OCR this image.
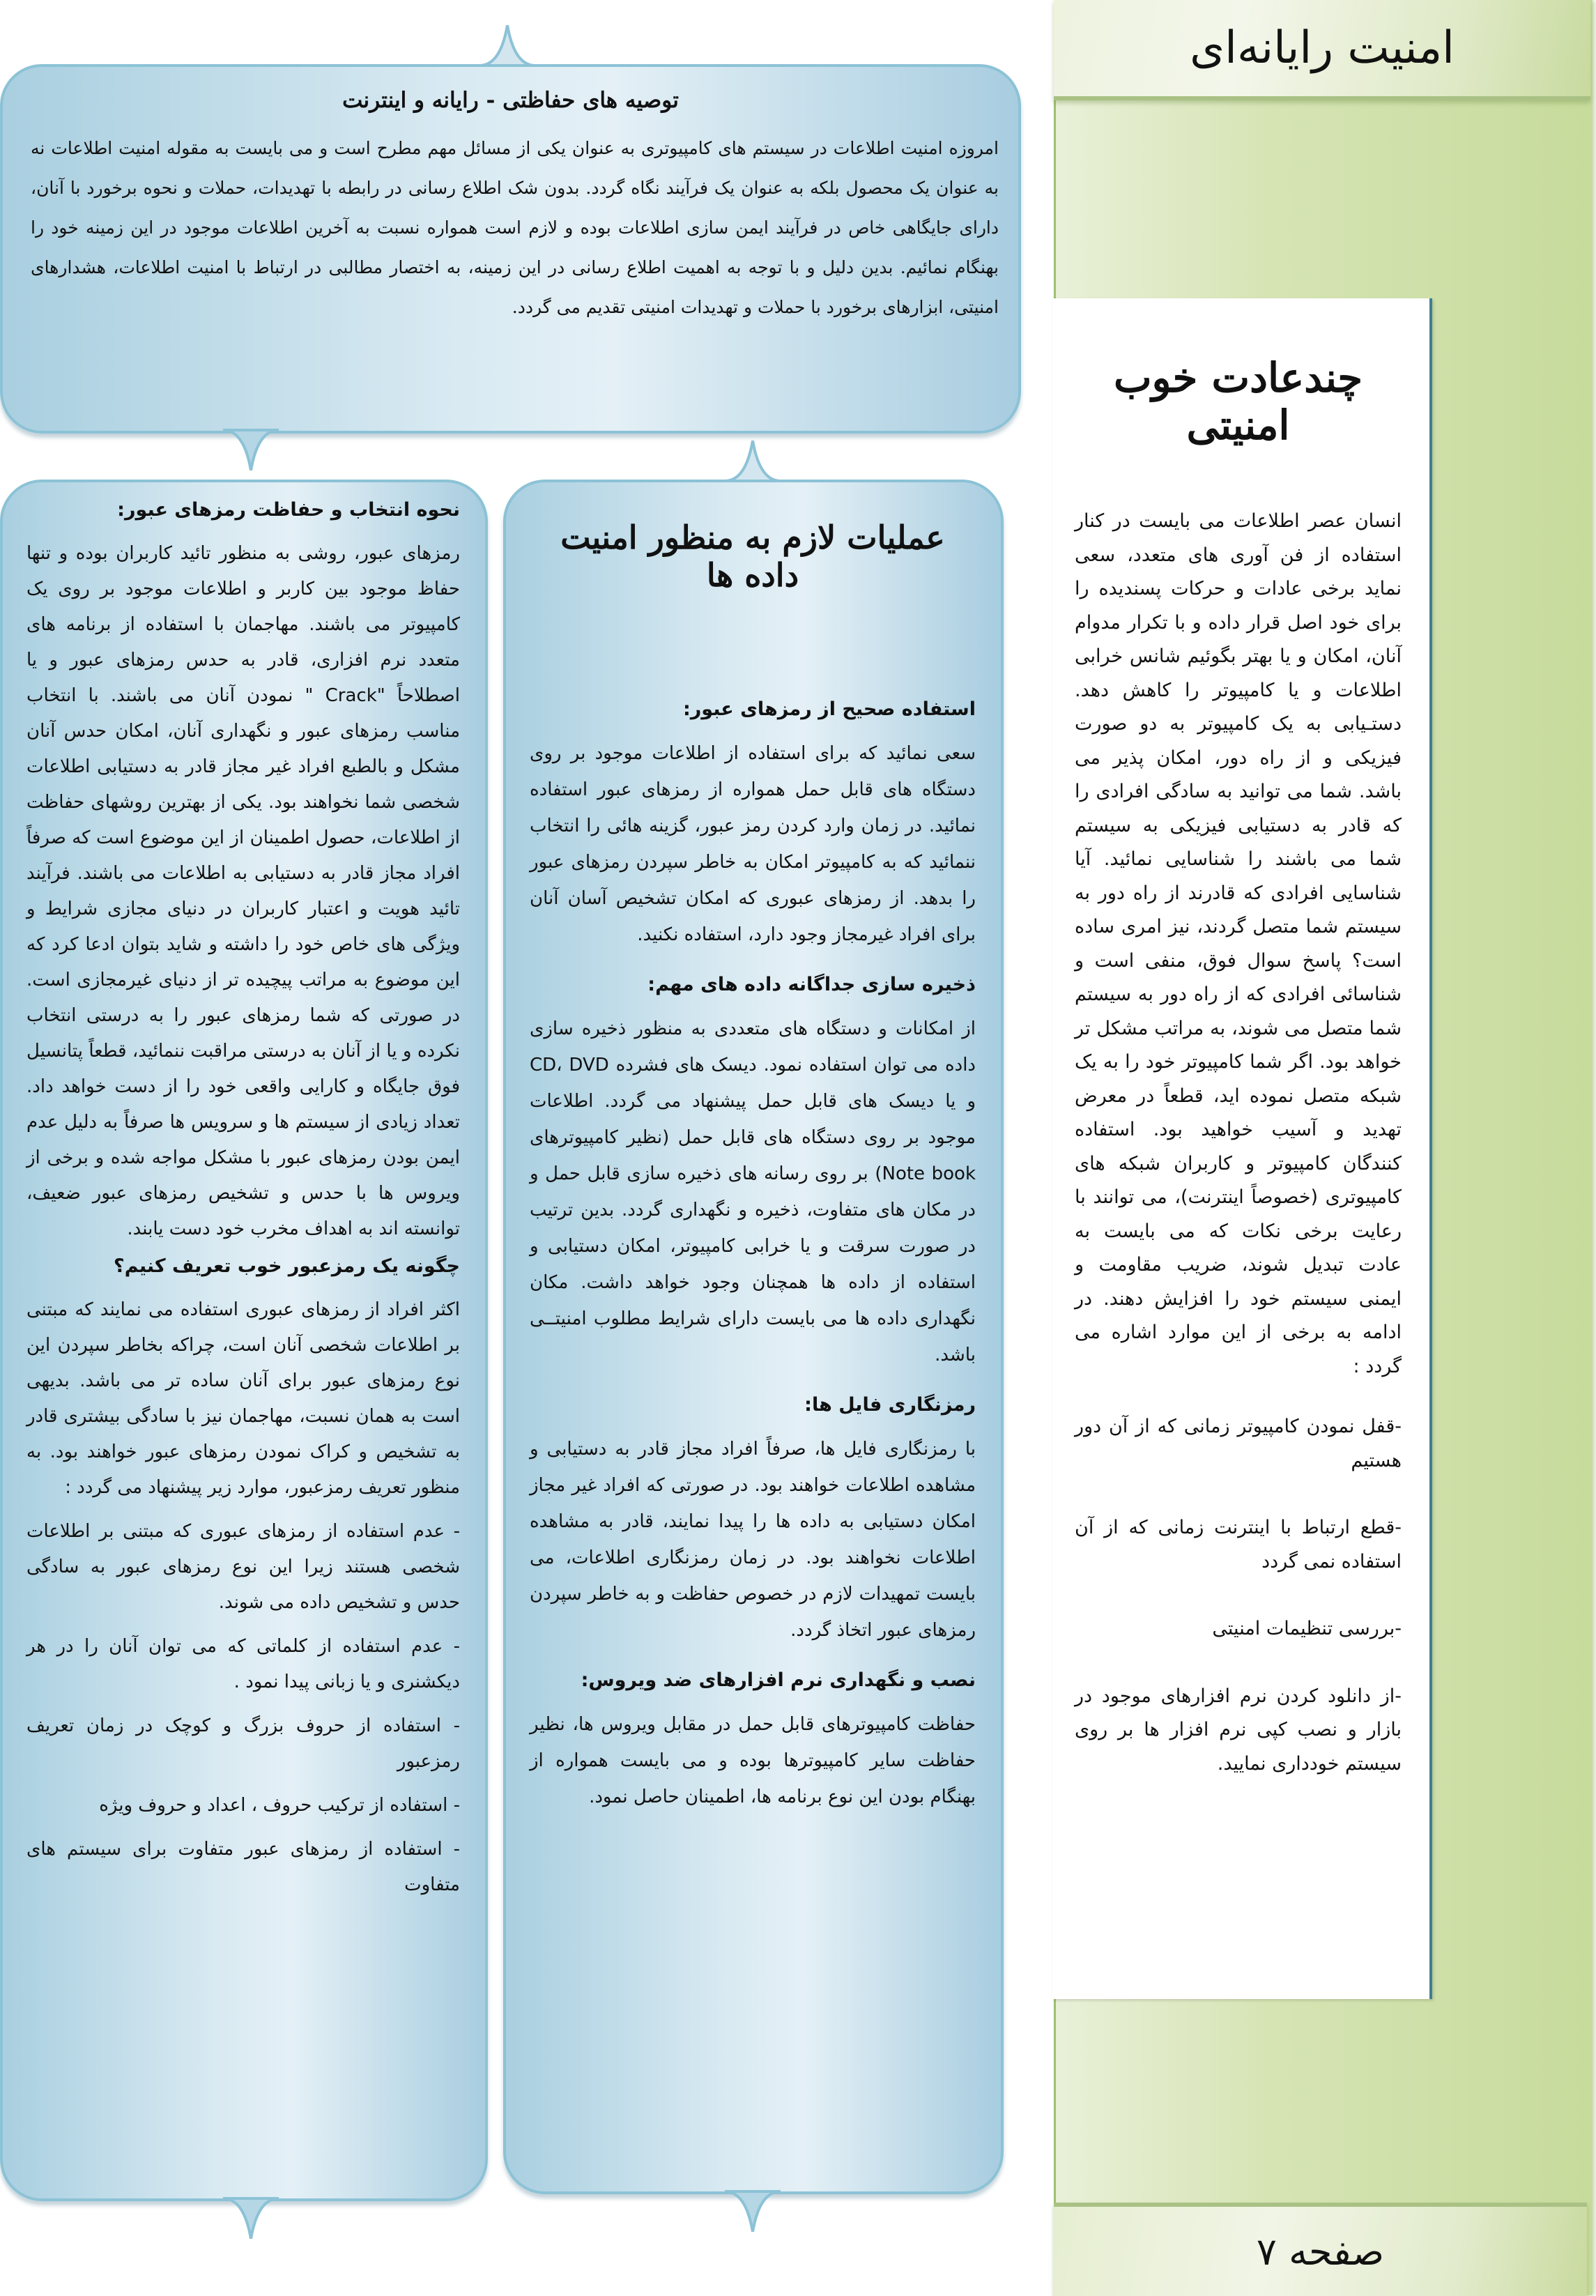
امنیت رایانه‌ای
چندعادت خوب امنیتی

انسان عصر اطلاعات می بایست در کنار استفاده از فن آوری های متعدد، سعی نماید برخی عادات و حرکات پسندیده را برای خود اصل قرار داده و با تکرار مدوام آنان، امکان و یا بهتر بگوئیم شانس خرابی اطلاعات و یا کامپیوتر را کاهش دهد. دستـیابی به یک کامپیوتر به دو صورت فیزیکی و از راه دور، امکان پذیر می باشد. شما می توانید به سادگی افرادی را که قادر به دستیابی فیزیکی به سیستم شما می باشند را شناسایی نمائید. آیا شناسایی افرادی که قادرند از راه دور به سیستم شما متصل گردند، نیز امری ساده است؟ پاسخ سوال فوق، منفی است و شناسائی افرادی که از راه دور به سیستم شما متصل می شوند، به مراتب مشکل تر خواهد بود. اگر شما کامپیوتر خود را به یک شبکه متصل نموده اید، قطعاً در معرض تهدید و آسیب خواهید بود. استفاده کنندگان کامپیوتر و کاربران شبکه های کامپیوتری (خصوصاً اینترنت)، می توانند با رعایت برخی نکات که می بایست به عادت تبدیل شوند، ضریب مقاومت و ایمنی سیستم خود را افزایش دهند. در ادامه به برخی از این موارد اشاره می گردد :

-قفل نمودن کامپیوتر زمانی که از آن دور هستیم
-قطع ارتباط با اینترنت زمانی که از آن استفاده نمی گردد
-بررسی تنظیمات امنیتی
-از دانلود کردن نرم افزارهای موجود در بازار و نصب کپی نرم افزار ها بر روی سیستم خودداری نمایید.
صفحه ۷
توصیه های حفاظتی - رایانه و اینترنت

امروزه امنیت اطلاعات در سیستم های کامپیوتری به عنوان یکی از مسائل مهم مطرح است و می بایست به مقوله امنیت اطلاعات نه به عنوان یک محصول بلکه به عنوان یک فرآیند نگاه گردد. بدون شک اطلاع رسانی در رابطه با تهدیدات، حملات و نحوه برخورد با آنان، دارای جایگاهی خاص در فرآیند ایمن سازی اطلاعات بوده و لازم است همواره نسبت به آخرین اطلاعات موجود در این زمینه خود را بهنگام نمائیم. بدین دلیل و با توجه به اهمیت اطلاع رسانی در این زمینه، به اختصار مطالبی در ارتباط با امنیت اطلاعات، هشدارهای امنیتی، ابزارهای برخورد با حملات و تهدیدات امنیتی تقدیم می گردد.

عملیات لازم به منظور امنیت داده ها
استفاده صحیح از رمزهای عبور:

سعی نمائید که برای استفاده از اطلاعات موجود بر روی دستگاه های قابل حمل همواره از رمزهای عبور استفاده نمائید. در زمان وارد کردن رمز عبور، گزینه هائی را انتخاب ننمائید که به کامپیوتر امکان به خاطر سپردن رمزهای عبور را بدهد. از رمزهای عبوری که امکان تشخیص آسان آنان برای افراد غیرمجاز وجود دارد، استفاده نکنید.

ذخیره سازی جداگانه داده های مهم:

از امکانات و دستگاه های متعددی به منظور ذخیره سازی داده می توان استفاده نمود. دیسک های فشرده CD، DVD و یا دیسک های قابل حمل پیشنهاد می گردد. اطلاعات موجود بر روی دستگاه های قابل حمل (نظیر کامپیوترهای Note book) بر روی رسانه های ذخیره سازی قابل حمل و در مکان های متفاوت، ذخیره و نگهداری گردد. بدین ترتیب در صورت سرقت و یا خرابی کامپیوتر، امکان دستیابی و استفاده از داده ها همچنان وجود خواهد داشت. مکان نگهداری داده ها می بایست دارای شرایط مطلوب امنیتــی باشد.

رمزنگاری فایل ها:

با رمزنگاری فایل ها، صرفاً افراد مجاز قادر به دستیابی و مشاهده اطلاعات خواهند بود. در صورتی که افراد غیر مجاز امکان دستیابی به داده ها را پیدا نمایند، قادر به مشاهده اطلاعات نخواهند بود. در زمان رمزنگاری اطلاعات، می بایست تمهیدات لازم در خصوص حفاظت و به خاطر سپردن رمزهای عبور اتخاذ گردد.

نصب و نگهداری نرم افزارهای ضد ویروس:

حفاظت کامپیوترهای قابل حمل در مقابل ویروس ها، نظیر حفاظت سایر کامپیوترها بوده و می بایست همواره از بهنگام بودن این نوع برنامه ها، اطمینان حاصل نمود.

نحوه انتخاب و حفاظت رمزهای عبور:

رمزهای عبور، روشی به منظور تائید کاربران بوده و تنها حفاظ موجود بین کاربر و اطلاعات موجود بر روی یک کامپیوتر می باشند. مهاجمان با استفاده از برنامه های متعدد نرم افزاری، قادر به حدس رمزهای عبور و یا اصطلاحاً "Crack " نمودن آنان می باشند. با انتخاب مناسب رمزهای عبور و نگهداری آنان، امکان حدس آنان مشکل و بالطبع افراد غیر مجاز قادر به دستیابی اطلاعات شخصی شما نخواهند بود. یکی از بهترین روشهای حفاظت از اطلاعات، حصول اطمینان از این موضوع است که صرفاً افراد مجاز قادر به دستیابی به اطلاعات می باشند. فرآیند تائید هویت و اعتبار کاربران در دنیای مجازی شرایط و ویژگی های خاص خود را داشته و شاید بتوان ادعا کرد که این موضوع به مراتب پیچیده تر از دنیای غیرمجازی است. در صورتی که شما رمزهای عبور را به درستی انتخاب نکرده و یا از آنان به درستی مراقبت ننمائید، قطعاً پتانسیل فوق جایگاه و کارایی واقعی خود را از دست خواهد داد. تعداد زیادی از سیستم ها و سرویس ها صرفاً به دلیل عدم ایمن بودن رمزهای عبور با مشکل مواجه شده و برخی از ویروس ها با حدس و تشخیص رمزهای عبور ضعیف، توانسته اند به اهداف مخرب خود دست یابند.

چگونه یک رمزعبور خوب تعریف کنیم؟

اکثر افراد از رمزهای عبوری استفاده می نمایند که مبتنی بر اطلاعات شخصی آنان است، چراکه بخاطر سپردن این نوع رمزهای عبور برای آنان ساده تر می باشد. بدیهی است به همان نسبت، مهاجمان نیز با سادگی بیشتری قادر به تشخیص و کراک نمودن رمزهای عبور خواهند بود. به منظور تعریف رمزعبور، موارد زیر پیشنهاد می گردد :

- عدم استفاده از رمزهای عبوری که مبتنی بر اطلاعات شخصی هستند زیرا این نوع رمزهای عبور به سادگی حدس و تشخیص داده می شوند.
- عدم استفاده از کلماتی که می توان آنان را در هر دیکشنری و یا زبانی پیدا نمود .
- استفاده از حروف بزرگ و کوچک در زمان تعریف رمزعبور
- استفاده از ترکیب حروف ، اعداد و حروف ویژه
- استفاده از رمزهای عبور متفاوت برای سیستم های متفاوت
